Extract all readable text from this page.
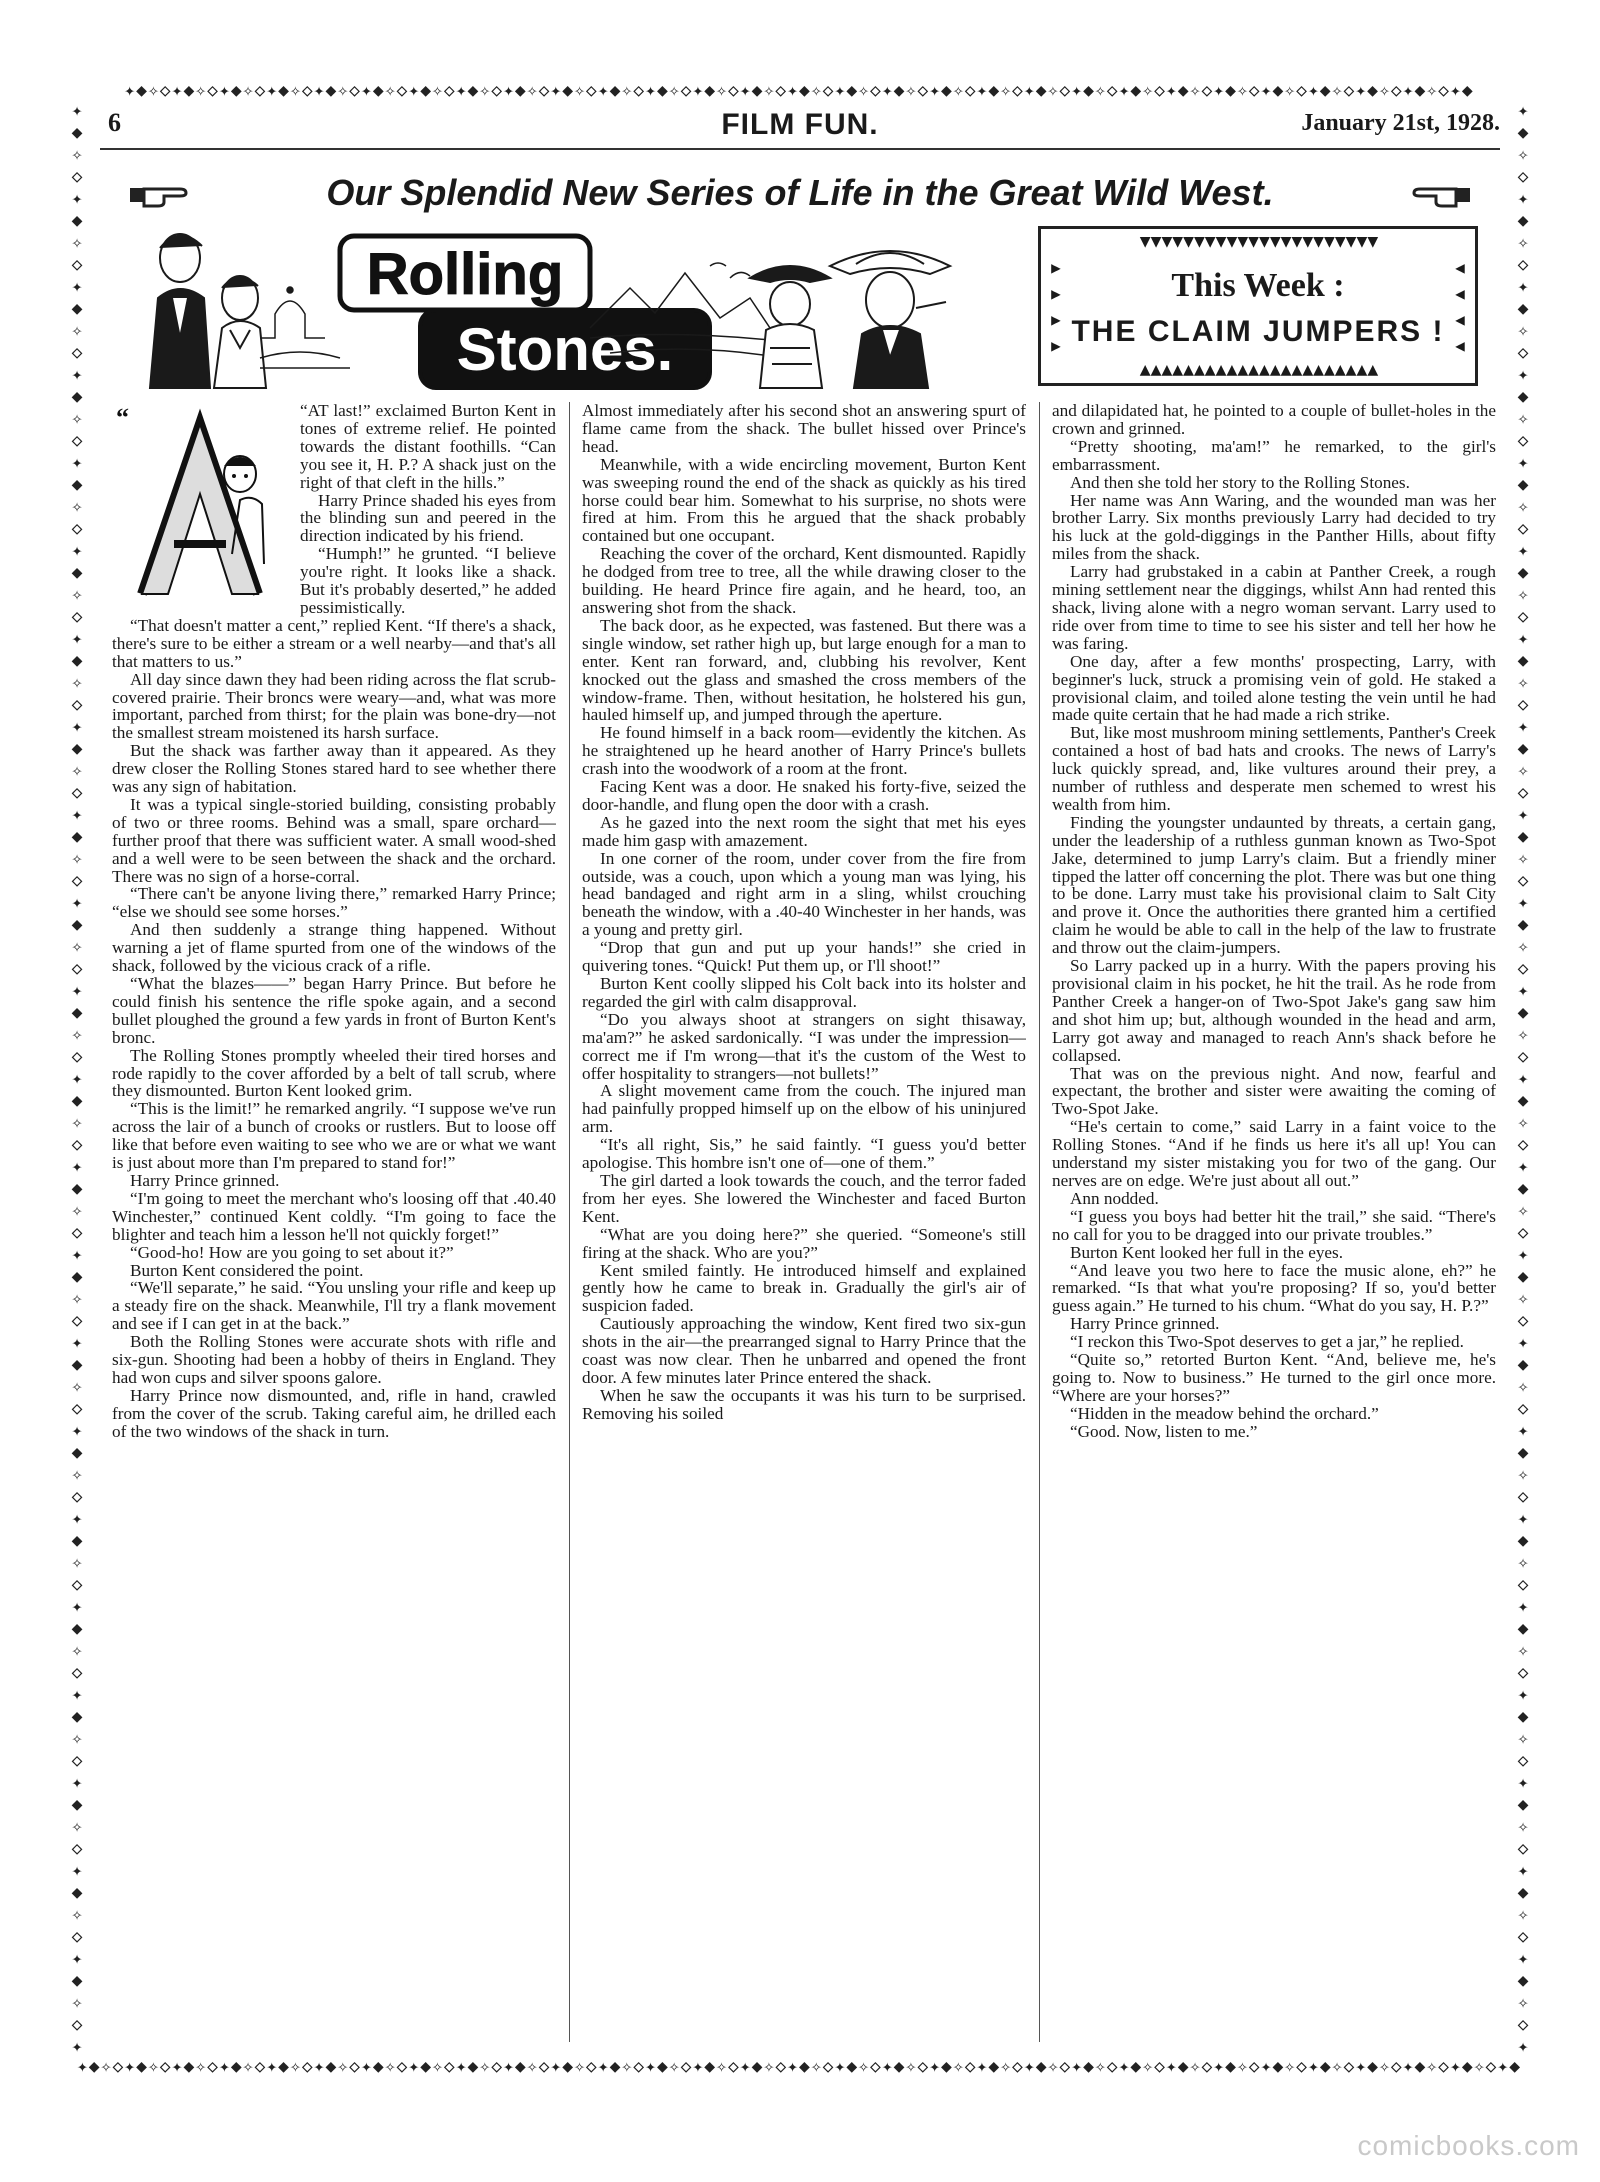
✦◆✧◇✦◆✧◇✦◆✧◇✦◆✧◇✦◆✧◇✦◆✧◇✦◆✧◇✦◆✧◇✦◆✧◇✦◆✧◇✦◆✧◇✦◆✧◇✦◆✧◇✦◆✧◇✦◆✧◇✦◆✧◇✦◆✧◇✦◆✧◇✦◆✧◇✦◆✧◇✦◆✧◇✦◆✧◇✦◆✧◇✦◆✧◇✦◆✧◇✦◆✧◇✦◆✧◇✦◆✧◇✦◆
✦◆✧◇✦◆✧◇✦◆✧◇✦◆✧◇✦◆✧◇✦◆✧◇✦◆✧◇✦◆✧◇✦◆✧◇✦◆✧◇✦◆✧◇✦◆✧◇✦◆✧◇✦◆✧◇✦◆✧◇✦◆✧◇✦◆✧◇✦◆✧◇✦◆✧◇✦◆✧◇✦◆✧◇✦◆✧◇✦◆✧◇✦◆✧◇✦◆✧◇✦◆✧◇✦◆✧◇✦◆✧◇✦◆✧◇✦◆✧◇✦◆
✦
◆
✧
◇
✦
◆
✧
◇
✦
◆
✧
◇
✦
◆
✧
◇
✦
◆
✧
◇
✦
◆
✧
◇
✦
◆
✧
◇
✦
◆
✧
◇
✦
◆
✧
◇
✦
◆
✧
◇
✦
◆
✧
◇
✦
◆
✧
◇
✦
◆
✧
◇
✦
◆
✧
◇
✦
◆
✧
◇
✦
◆
✧
◇
✦
◆
✧
◇
✦
◆
✧
◇
✦
◆
✧
◇
✦
◆
✧
◇
✦
◆
✧
◇
✦
◆
✧
◇
✦
✦
◆
✧
◇
✦
◆
✧
◇
✦
◆
✧
◇
✦
◆
✧
◇
✦
◆
✧
◇
✦
◆
✧
◇
✦
◆
✧
◇
✦
◆
✧
◇
✦
◆
✧
◇
✦
◆
✧
◇
✦
◆
✧
◇
✦
◆
✧
◇
✦
◆
✧
◇
✦
◆
✧
◇
✦
◆
✧
◇
✦
◆
✧
◇
✦
◆
✧
◇
✦
◆
✧
◇
✦
◆
✧
◇
✦
◆
✧
◇
✦
◆
✧
◇
✦
◆
✧
◇
✦
6	FILM FUN.	January 21st, 1928.
Our Splendid New Series of Life in the Great Wild West.
Rolling
Stones.
▼▼▼▼▼▼▼▼▼▼▼▼▼▼▼▼▼▼▼▼▼▼
▶
▶
▶
▶
◀
◀
◀
◀
This Week :
THE CLAIM JUMPERS !
▲▲▲▲▲▲▲▲▲▲▲▲▲▲▲▲▲▲▲▲▲▲
“
A

“AT last!” exclaimed Burton Kent in tones of extreme relief. He pointed towards the distant foothills. “Can you see it, H. P.? A shack just on the right of that cleft in the hills.”

Harry Prince shaded his eyes from the blinding sun and peered in the direction indicated by his friend.

“Humph!” he grunted. “I believe you're right. It looks like a shack. But it's probably deserted,” he added pessimistically.

“That doesn't matter a cent,” replied Kent. “If there's a shack, there's sure to be either a stream or a well nearby—and that's all that matters to us.”

All day since dawn they had been riding across the flat scrub-covered prairie. Their broncs were weary—and, what was more important, parched from thirst; for the plain was bone-dry—not the smallest stream moistened its harsh surface.

But the shack was farther away than it appeared. As they drew closer the Rolling Stones stared hard to see whether there was any sign of habitation.

It was a typical single-storied building, consisting probably of two or three rooms. Behind was a small, spare orchard—further proof that there was sufficient water. A small wood-shed and a well were to be seen between the shack and the orchard. There was no sign of a horse-corral.

“There can't be anyone living there,” remarked Harry Prince; “else we should see some horses.”

And then suddenly a strange thing happened. Without warning a jet of flame spurted from one of the windows of the shack, followed by the vicious crack of a rifle.

“What the blazes——” began Harry Prince. But before he could finish his sentence the rifle spoke again, and a second bullet ploughed the ground a few yards in front of Burton Kent's bronc.

The Rolling Stones promptly wheeled their tired horses and rode rapidly to the cover afforded by a belt of tall scrub, where they dismounted. Burton Kent looked grim.

“This is the limit!” he remarked angrily. “I suppose we've run across the lair of a bunch of crooks or rustlers. But to loose off like that before even waiting to see who we are or what we want is just about more than I'm prepared to stand for!”

Harry Prince grinned.

“I'm going to meet the merchant who's loosing off that .40.40 Winchester,” continued Kent coldly. “I'm going to face the blighter and teach him a lesson he'll not quickly forget!”

“Good-ho! How are you going to set about it?”

Burton Kent considered the point.

“We'll separate,” he said. “You unsling your rifle and keep up a steady fire on the shack. Meanwhile, I'll try a flank movement and see if I can get in at the back.”

Both the Rolling Stones were accurate shots with rifle and six-gun. Shooting had been a hobby of theirs in England. They had won cups and silver spoons galore.

Harry Prince now dismounted, and, rifle in hand, crawled from the cover of the scrub. Taking careful aim, he drilled each of the two windows of the shack in turn.

Almost immediately after his second shot an answering spurt of flame came from the shack. The bullet hissed over Prince's head.

Meanwhile, with a wide encircling movement, Burton Kent was sweeping round the end of the shack as quickly as his tired horse could bear him. Somewhat to his surprise, no shots were fired at him. From this he argued that the shack probably contained but one occupant.

Reaching the cover of the orchard, Kent dismounted. Rapidly he dodged from tree to tree, all the while drawing closer to the building. He heard Prince fire again, and he heard, too, an answering shot from the shack.

The back door, as he expected, was fastened. But there was a single window, set rather high up, but large enough for a man to enter. Kent ran forward, and, clubbing his revolver, Kent knocked out the glass and smashed the cross members of the window-frame. Then, without hesitation, he holstered his gun, hauled himself up, and jumped through the aperture.

He found himself in a back room—evidently the kitchen. As he straightened up he heard another of Harry Prince's bullets crash into the woodwork of a room at the front.

Facing Kent was a door. He snaked his forty-five, seized the door-handle, and flung open the door with a crash.

As he gazed into the next room the sight that met his eyes made him gasp with amazement.

In one corner of the room, under cover from the fire from outside, was a couch, upon which a young man was lying, his head bandaged and right arm in a sling, whilst crouching beneath the window, with a .40-40 Winchester in her hands, was a young and pretty girl.

“Drop that gun and put up your hands!” she cried in quivering tones. “Quick! Put them up, or I'll shoot!”

Burton Kent coolly slipped his Colt back into its holster and regarded the girl with calm disapproval.

“Do you always shoot at strangers on sight thisaway, ma'am?” he asked sardonically. “I was under the impression—correct me if I'm wrong—that it's the custom of the West to offer hospitality to strangers—not bullets!”

A slight movement came from the couch. The injured man had painfully propped himself up on the elbow of his uninjured arm.

“It's all right, Sis,” he said faintly. “I guess you'd better apologise. This hombre isn't one of—one of them.”

The girl darted a look towards the couch, and the terror faded from her eyes. She lowered the Winchester and faced Burton Kent.

“What are you doing here?” she queried. “Someone's still firing at the shack. Who are you?”

Kent smiled faintly. He introduced himself and explained gently how he came to break in. Gradually the girl's air of suspicion faded.

Cautiously approaching the window, Kent fired two six-gun shots in the air—the prearranged signal to Harry Prince that the coast was now clear. Then he unbarred and opened the front door. A few minutes later Prince entered the shack.

When he saw the occupants it was his turn to be surprised. Removing his soiled

and dilapidated hat, he pointed to a couple of bullet-holes in the crown and grinned.

“Pretty shooting, ma'am!” he remarked, to the girl's embarrassment.

And then she told her story to the Rolling Stones.

Her name was Ann Waring, and the wounded man was her brother Larry. Six months previously Larry had decided to try his luck at the gold-diggings in the Panther Hills, about fifty miles from the shack.

Larry had grubstaked in a cabin at Panther Creek, a rough mining settlement near the diggings, whilst Ann had rented this shack, living alone with a negro woman servant. Larry used to ride over from time to time to see his sister and tell her how he was faring.

One day, after a few months' prospecting, Larry, with beginner's luck, struck a promising vein of gold. He staked a provisional claim, and toiled alone testing the vein until he had made quite certain that he had made a rich strike.

But, like most mushroom mining settlements, Panther's Creek contained a host of bad hats and crooks. The news of Larry's luck quickly spread, and, like vultures around their prey, a number of ruthless and desperate men schemed to wrest his wealth from him.

Finding the youngster undaunted by threats, a certain gang, under the leadership of a ruthless gunman known as Two-Spot Jake, determined to jump Larry's claim. But a friendly miner tipped the latter off concerning the plot. There was but one thing to be done. Larry must take his provisional claim to Salt City and prove it. Once the authorities there granted him a certified claim he would be able to call in the help of the law to frustrate and throw out the claim-jumpers.

So Larry packed up in a hurry. With the papers proving his provisional claim in his pocket, he hit the trail. As he rode from Panther Creek a hanger-on of Two-Spot Jake's gang saw him and shot him up; but, although wounded in the head and arm, Larry got away and managed to reach Ann's shack before he collapsed.

That was on the previous night. And now, fearful and expectant, the brother and sister were awaiting the coming of Two-Spot Jake.

“He's certain to come,” said Larry in a faint voice to the Rolling Stones. “And if he finds us here it's all up! You can understand my sister mistaking you for two of the gang. Our nerves are on edge. We're just about all out.”

Ann nodded.

“I guess you boys had better hit the trail,” she said. “There's no call for you to be dragged into our private troubles.”

Burton Kent looked her full in the eyes.

“And leave you two here to face the music alone, eh?” he remarked. “Is that what you're proposing? If so, you'd better guess again.” He turned to his chum. “What do you say, H. P.?”

Harry Prince grinned.

“I reckon this Two-Spot deserves to get a jar,” he replied.

“Quite so,” retorted Burton Kent. “And, believe me, he's going to. Now to business.” He turned to the girl once more. “Where are your horses?”

“Hidden in the meadow behind the orchard.”

“Good. Now, listen to me.”

comicbooks.com
